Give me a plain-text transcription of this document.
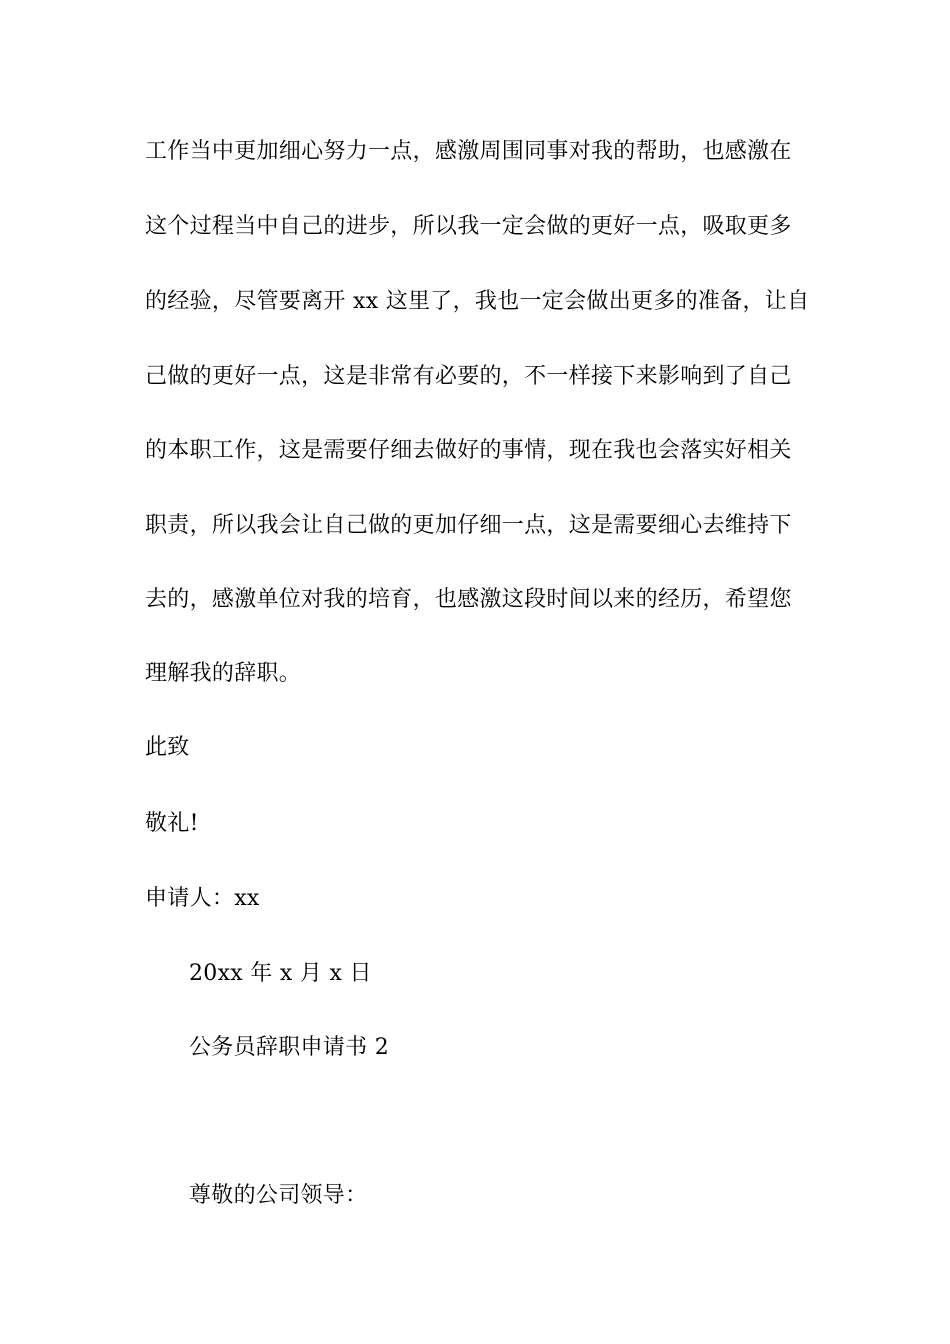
工作当中更加细心努力一点，感激周围同事对我的帮助，也感激在
这个过程当中自己的进步，所以我一定会做的更好一点，吸取更多
的经验，尽管要离开 xx 这里了，我也一定会做出更多的准备，让自
己做的更好一点，这是非常有必要的，不一样接下来影响到了自己
的本职工作，这是需要仔细去做好的事情，现在我也会落实好相关
职责，所以我会让自己做的更加仔细一点，这是需要细心去维持下
去的，感激单位对我的培育，也感激这段时间以来的经历，希望您
理解我的辞职。
此致
敬礼!
申请人：xx
20xx 年 x 月 x 日
公务员辞职申请书 2
尊敬的公司领导：
